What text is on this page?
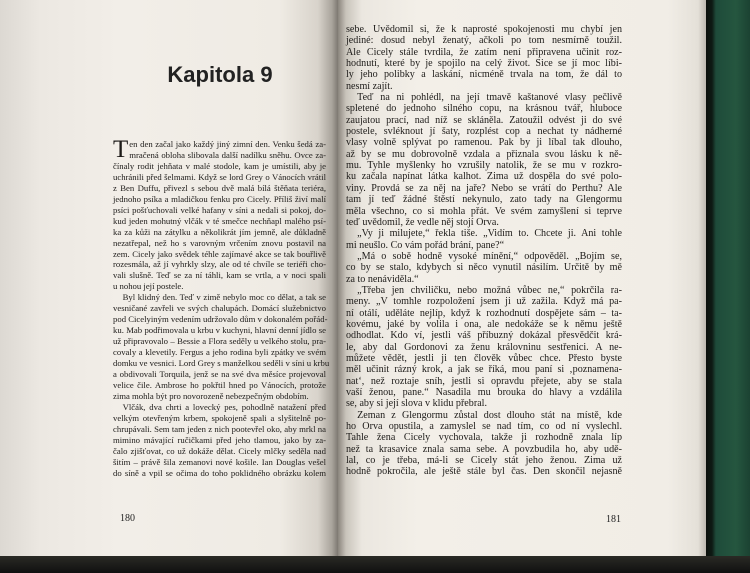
Kapitola 9
T en den začal jako každý jiný zimní den. Venku šedá za-
mračená obloha slibovala další nadílku sněhu. Ovce za-
čínaly rodit jehňata v malé stodole, kam je umístili, aby je
uchránili před šelmami. Když se lord Grey o Vánocích vrátil
z Ben Duffu, přivezl s sebou dvě malá bílá štěňata teriéra,
jednoho psíka a mladičkou fenku pro Cicely. Příliš živí malí
psíci pošťuchovali velké hafany v síni a nedali si pokoj, do-
kud jeden mohutný vlčák v té smečce nechňapl malého psí-
ka za kůži na zátylku a několikrát jím jemně, ale důkladně
nezatřepal, než ho s varovným vrčením znovu postavil na
zem. Cicely jako svědek téhle zajímavé akce se tak bouřlivě
rozesmála, až jí vyhrkly slzy, ale od té chvíle se teriéři cho-
vali slušně. Teď se za ní táhli, kam se vrtla, a v noci spali
u nohou její postele.
Byl klidný den. Teď v zimě nebylo moc co dělat, a tak se
vesničané zavřeli ve svých chalupách. Domácí služebnictvo
pod Cicelyiným vedením udržovalo dům v dokonalém pořád-
ku. Mab podřimovala u krbu v kuchyni, hlavní denní jídlo se
už připravovalo – Bessie a Flora seděly u velkého stolu, pra-
covaly a klevetily. Fergus a jeho rodina byli zpátky ve svém
domku ve vesnici. Lord Grey s manželkou seděli v síni u krbu
a obdivovali Torquila, jenž se na své dva měsíce projevoval
velice čile. Ambrose ho pokřtil hned po Vánocích, protože
zima mohla být pro novorozeně nebezpečným obdobím.
Vlčák, dva chrti a lovecký pes, pohodlně natažení před
velkým otevřeným krbem, spokojeně spali a slyšitelně po-
chrupávali. Sem tam jeden z nich pootevřel oko, aby mrkl na
mimino mávající ručičkami před jeho tlamou, jako by za-
čalo zjišťovat, co už dokáže dělat. Cicely mlčky seděla nad
šitím – právě šila zemanovi nové košile. Ian Douglas vešel
do síně a vpil se očima do toho poklidného obrázku kolem
180	181
sebe. Uvědomil si, že k naprosté spokojenosti mu chybí jen
jediné: dosud nebyl ženatý, ačkoli po tom nesmírně toužil.
Ale Cicely stále tvrdila, že zatím není připravena učinit roz-
hodnutí, které by je spojilo na celý život. Sice se jí moc líbi-
ly jeho polibky a laskání, nicméně trvala na tom, že dál to
nesmí zajít.
Teď na ni pohlédl, na její tmavě kaštanové vlasy pečlivě
spletené do jednoho silného copu, na krásnou tvář, hluboce
zaujatou prací, nad níž se skláněla. Zatoužil odvést ji do své
postele, svléknout jí šaty, rozplést cop a nechat ty nádherné
vlasy volně splývat po ramenou. Pak by ji líbal tak dlouho,
až by se mu dobrovolně vzdala a přiznala svou lásku k ně-
mu. Tyhle myšlenky ho vzrušily natolik, že se mu v rozkro-
ku začala napínat látka kalhot. Zima už dospěla do své polo-
viny. Provdá se za něj na jaře? Nebo se vrátí do Perthu? Ale
tam jí teď žádné štěstí nekynulo, zato tady na Glengormu
měla všechno, co si mohla přát. Ve svém zamyšlení si teprve
teď uvědomil, že vedle něj stojí Orva.
„Vy ji milujete,“ řekla tiše. „Vidím to. Chcete ji. Ani tohle
mi neušlo. Co vám pořád brání, pane?“
„Má o sobě hodně vysoké mínění,“ odpověděl. „Bojím se,
co by se stalo, kdybych si něco vynutil násilím. Určitě by mě
za to nenáviděla.“
„Třeba jen chviličku, nebo možná vůbec ne,“ pokrčila ra-
meny. „V tomhle rozpoložení jsem ji už zažila. Když má pa-
ní otálí, uděláte nejlíp, když k rozhodnutí dospějete sám – ta-
kovému, jaké by volila i ona, ale nedokáže se k němu ještě
odhodlat. Kdo ví, jestli váš příbuzný dokázal přesvědčit krá-
le, aby dal Gordonovi za ženu královninu sestřenici. A ne-
můžete vědět, jestli ji ten člověk vůbec chce. Přesto byste
měl učinit rázný krok, a jak se říká, mou paní si ‚poznamena-
nat‘, než roztaje sníh, jestli si opravdu přejete, aby se stala
vaší ženou, pane.“ Nasadila mu brouka do hlavy a vzdálila
se, aby si její slova v klidu přebral.
Zeman z Glengormu zůstal dost dlouho stát na místě, kde
ho Orva opustila, a zamyslel se nad tím, co od ní vyslechl.
Tahle žena Cicely vychovala, takže ji rozhodně znala líp
než ta krasavice znala sama sebe. A povzbudila ho, aby udě-
lal, co je třeba, má-li se Cicely stát jeho ženou. Zima už
hodně pokročila, ale ještě stále byl čas. Den skončil nejasně
